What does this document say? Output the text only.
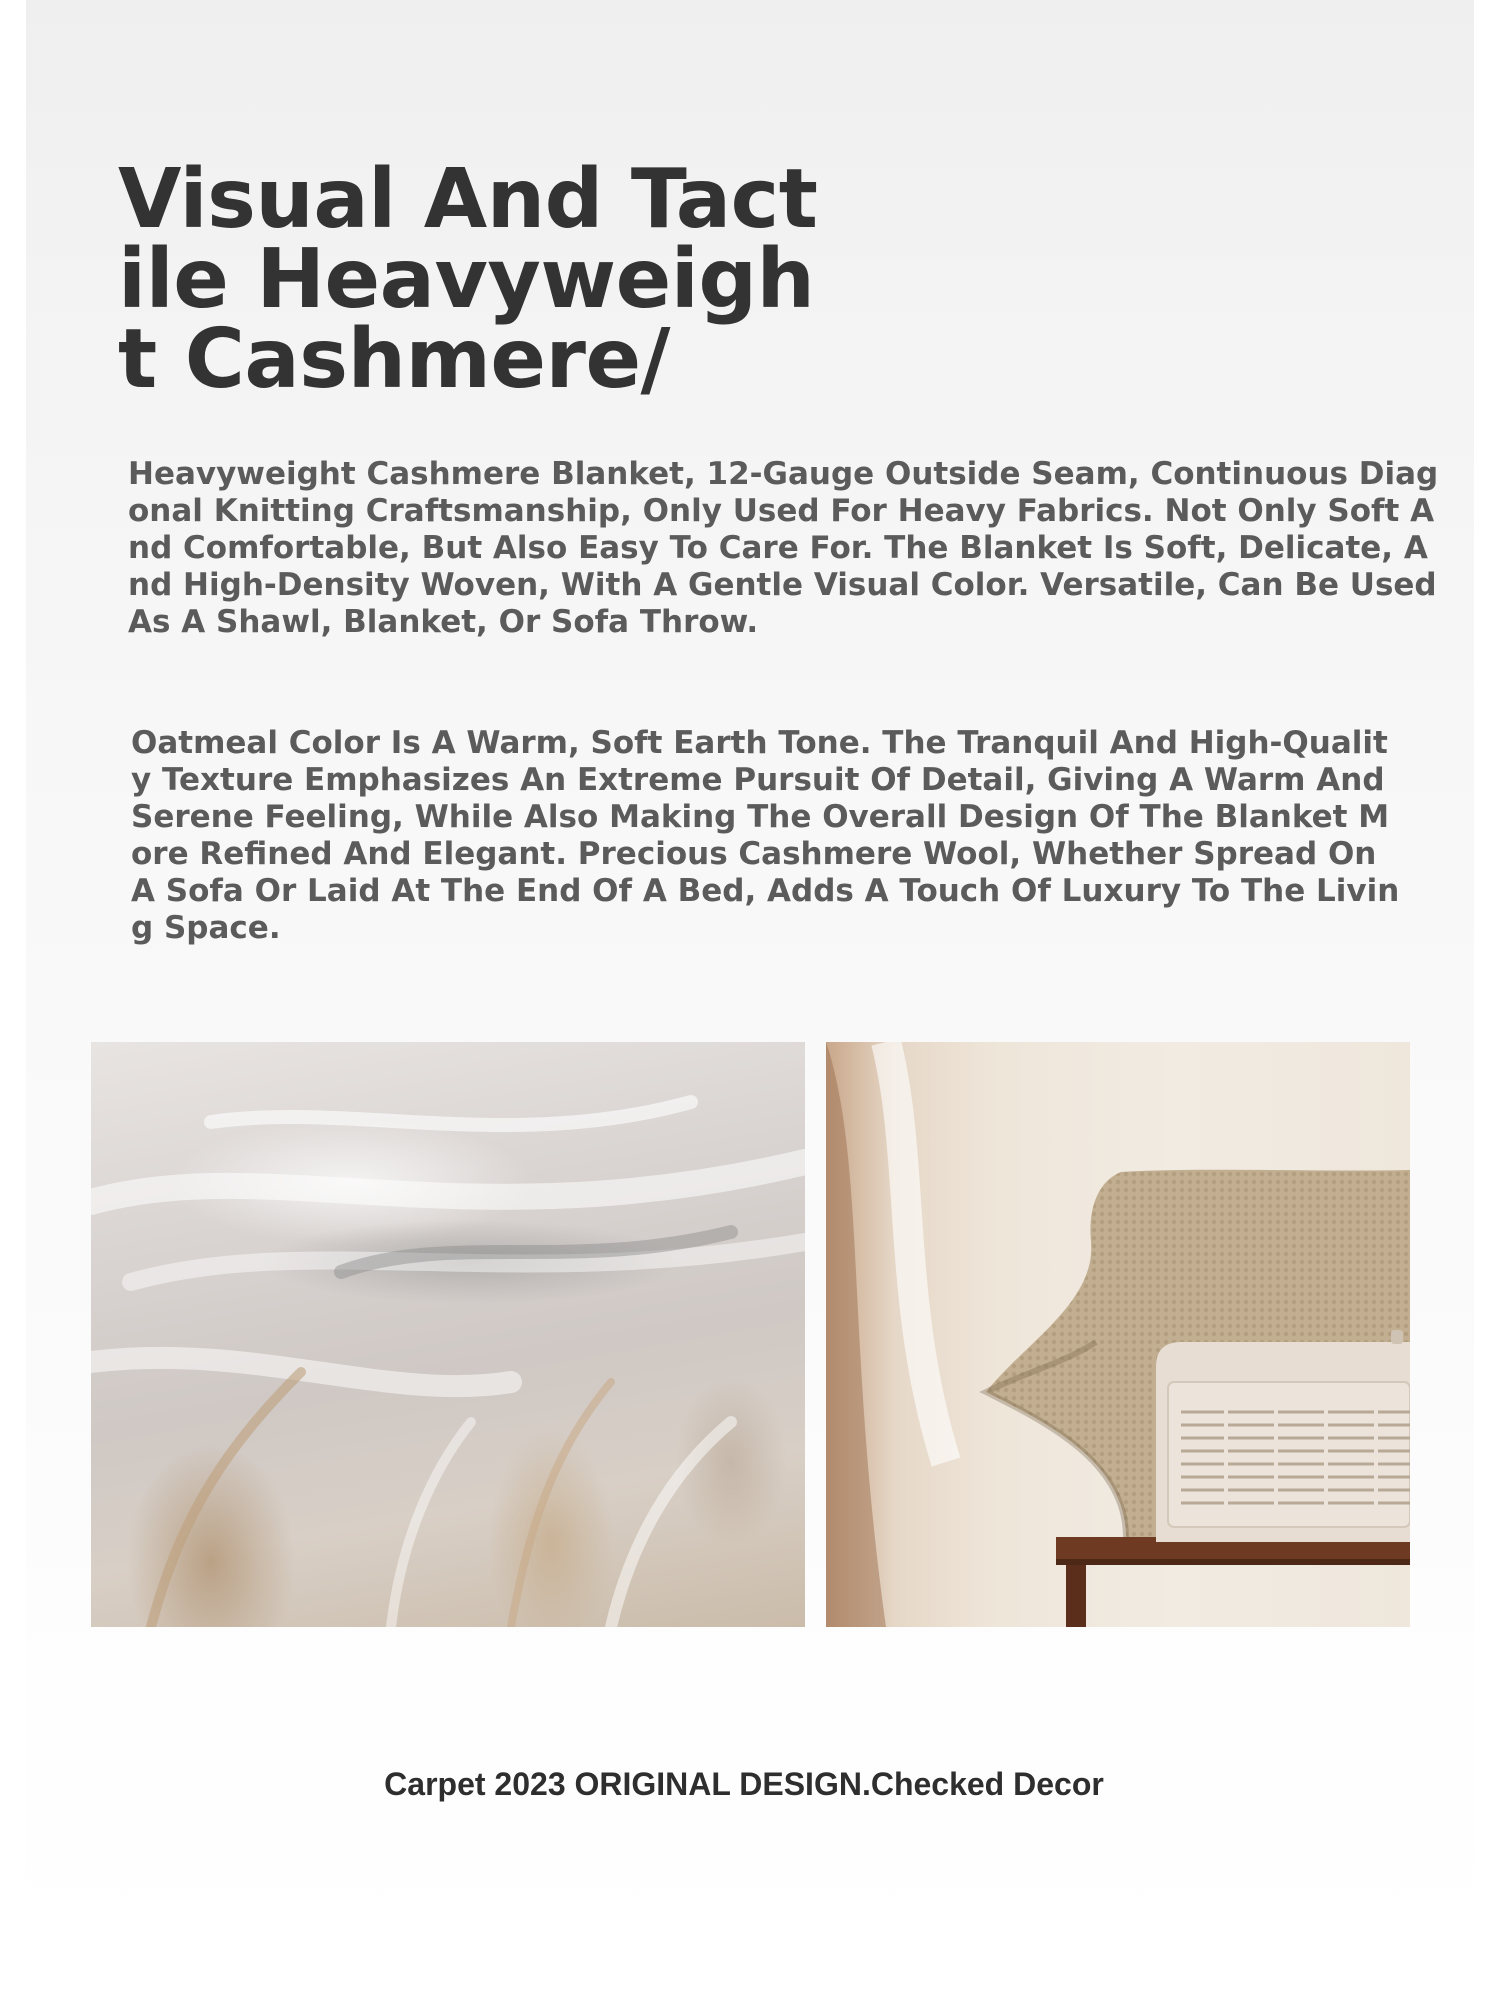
Visual And Tactile Heavyweight Cashmere/

Heavyweight Cashmere Blanket, 12-Gauge Outside Seam, Continuous Diagonal Knitting Craftsmanship, Only Used For Heavy Fabrics. Not Only Soft And Comfortable, But Also Easy To Care For. The Blanket Is Soft, Delicate, And High-Density Woven, With A Gentle Visual Color. Versatile, Can Be Used As A Shawl, Blanket, Or Sofa Throw.

Oatmeal Color Is A Warm, Soft Earth Tone. The Tranquil And High-Quality Texture Emphasizes An Extreme Pursuit Of Detail, Giving A Warm And Serene Feeling, While Also Making The Overall Design Of The Blanket More Refined And Elegant. Precious Cashmere Wool, Whether Spread On A Sofa Or Laid At The End Of A Bed, Adds A Touch Of Luxury To The Living Space.

Carpet 2023 ORIGINAL DESIGN.Checked Decor
